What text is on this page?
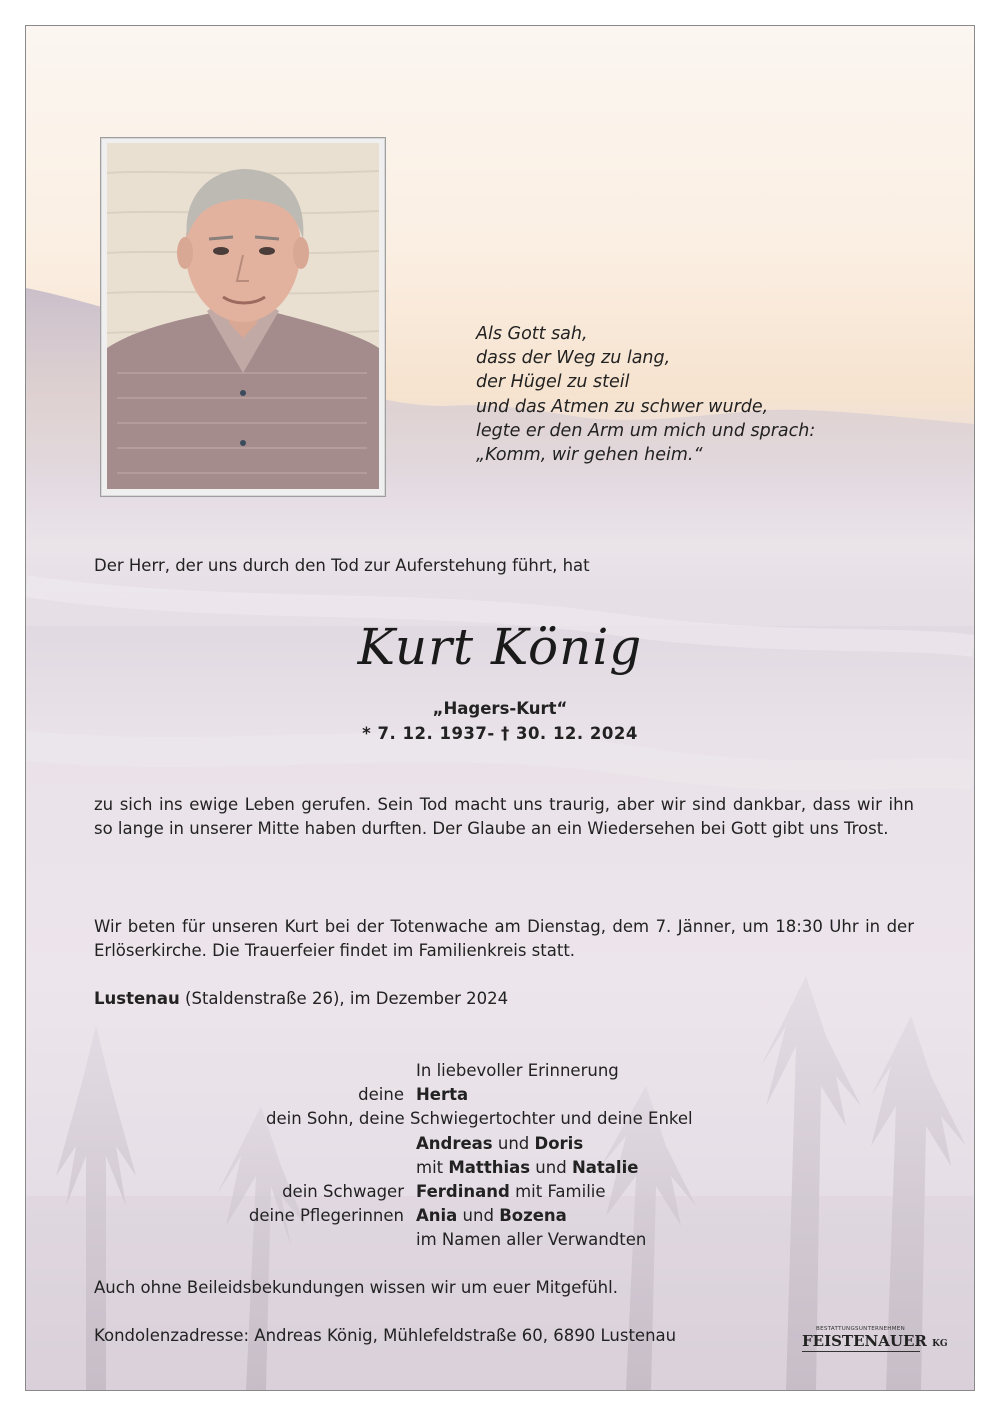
Als Gott sah,
dass der Weg zu lang,
der Hügel zu steil
und das Atmen zu schwer wurde,
legte er den Arm um mich und sprach:
„Komm, wir gehen heim.“

Der Herr, der uns durch den Tod zur Auferstehung führt, hat

Kurt König

„Hagers-Kurt“

* 7. 12. 1937- † 30. 12. 2024

zu sich ins ewige Leben gerufen. Sein Tod macht uns traurig, aber wir sind dankbar, dass wir ihn so lange in unserer Mitte haben durften. Der Glaube an ein Wiedersehen bei Gott gibt uns Trost.

Wir beten für unseren Kurt bei der Totenwache am Dienstag, dem 7. Jänner, um 18:30 Uhr in der Erlöserkirche. Die Trauerfeier findet im Familienkreis statt.

Lustenau (Staldenstraße 26), im Dezember 2024

In liebevoller Erinnerung
deine Herta
dein Sohn, deine Schwiegertochter und deine Enkel
Andreas und Doris
mit Matthias und Natalie
dein Schwager Ferdinand mit Familie
deine Pflegerinnen Ania und Bozena
im Namen aller Verwandten

Auch ohne Beileidsbekundungen wissen wir um euer Mitgefühl.

Kondolenzadresse: Andreas König, Mühlefeldstraße 60, 6890 Lustenau	BESTATTUNGSUNTERNEHMEN
FEISTENAUER KG
